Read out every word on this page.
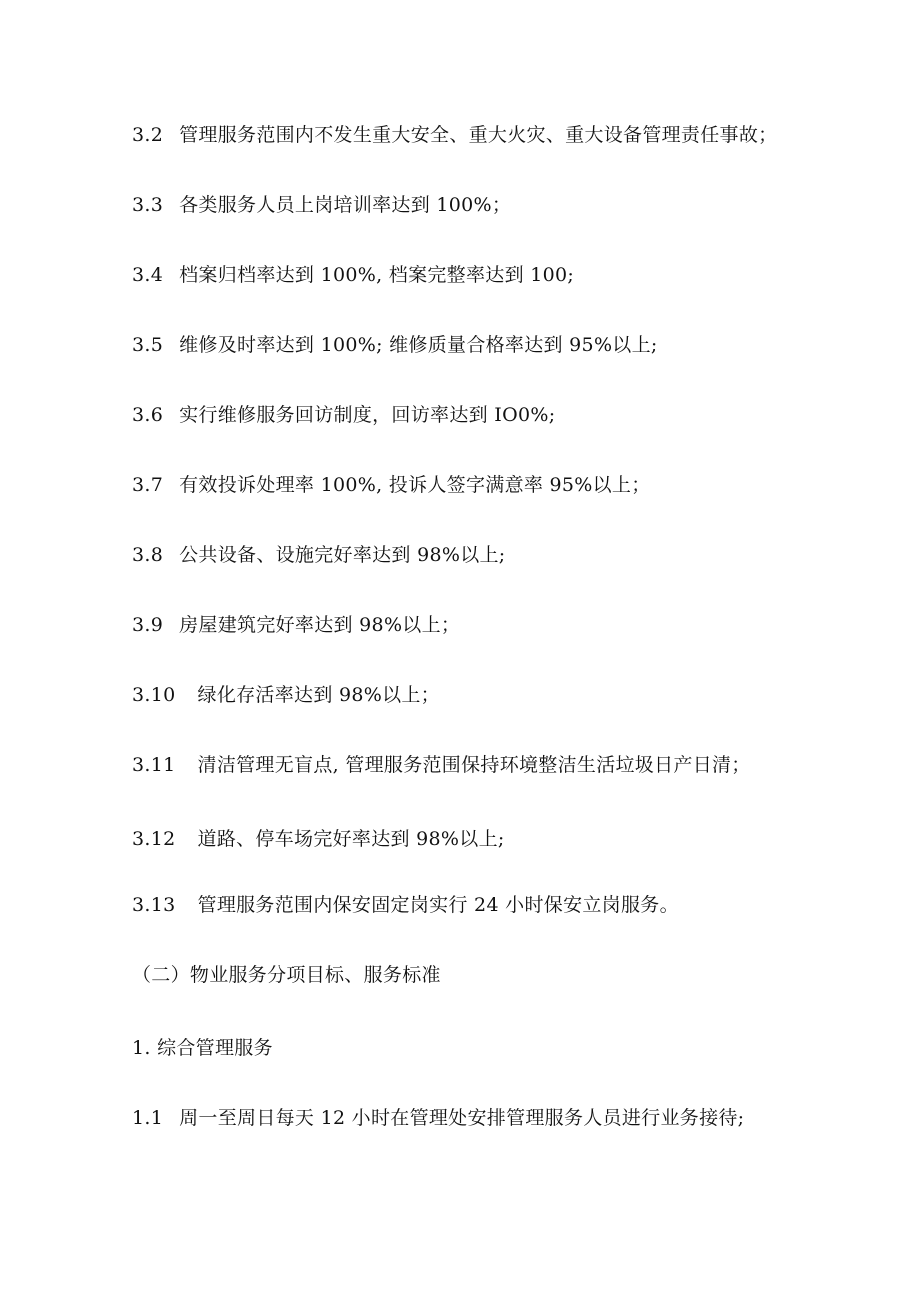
3.2 管理服务范围内不发生重大安全、重大火灾、重大设备管理责任事故；
3.3 各类服务人员上岗培训率达到 100%；
3.4 档案归档率达到 100%, 档案完整率达到 100;
3.5 维修及时率达到 100%; 维修质量合格率达到 95%以上;
3.6 实行维修服务回访制度，回访率达到 IO0%;
3.7 有效投诉处理率 100%, 投诉人签字满意率 95%以上；
3.8 公共设备、设施完好率达到 98%以上;
3.9 房屋建筑完好率达到 98%以上；
3.10 绿化存活率达到 98%以上；
3.11 清洁管理无盲点, 管理服务范围保持环境整洁生活垃圾日产日清；
3.12 道路、停车场完好率达到 98%以上;
3.13 管理服务范围内保安固定岗实行 24 小时保安立岗服务。
（二）物业服务分项目标、服务标准
1. 综合管理服务
1.1 周一至周日每天 12 小时在管理处安排管理服务人员进行业务接待;
